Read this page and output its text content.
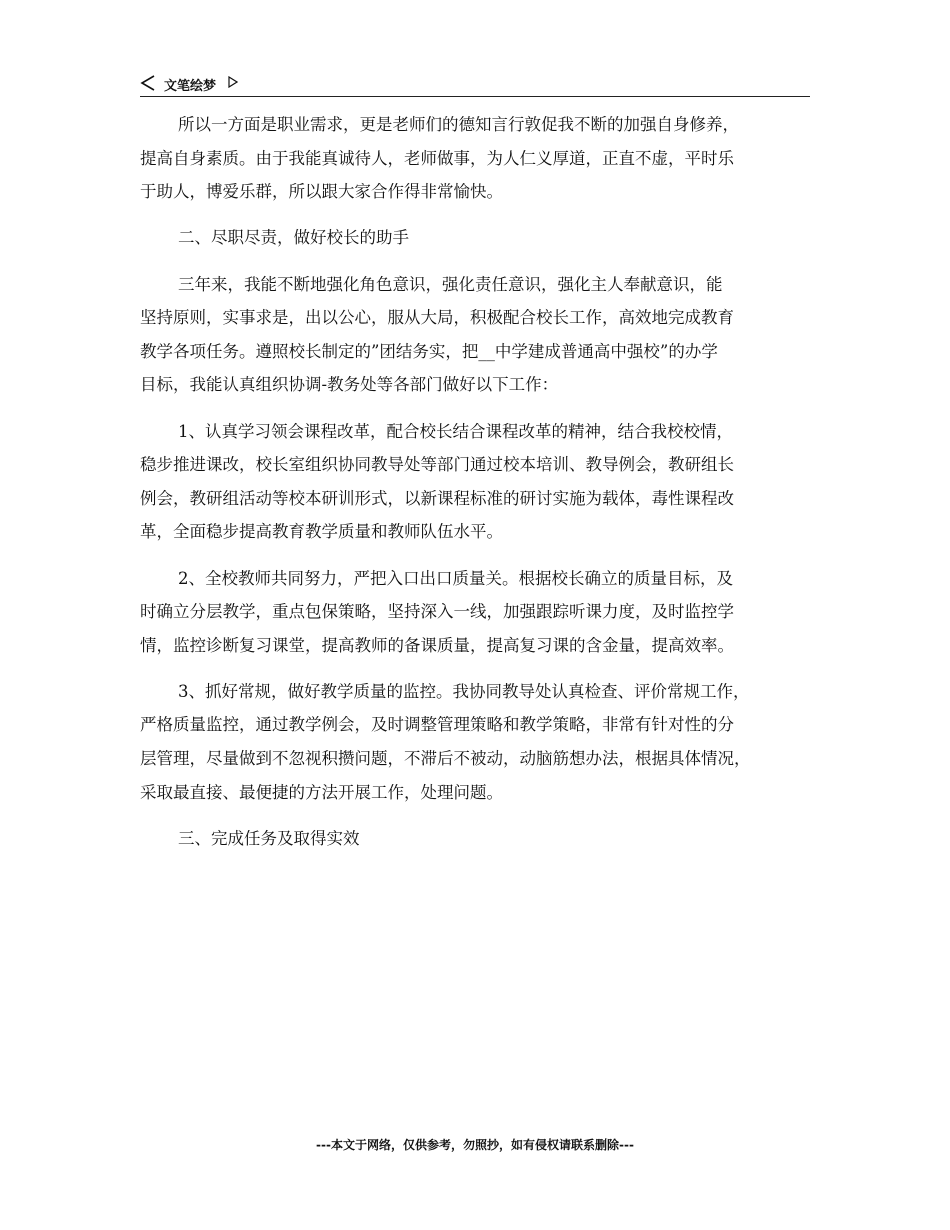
文笔绘梦

所以一方面是职业需求，更是老师们的德知言行敦促我不断的加强自身修养，
提高自身素质。由于我能真诚待人，老师做事，为人仁义厚道，正直不虚，平时乐
于助人，博爱乐群，所以跟大家合作得非常愉快。

二、尽职尽责，做好校长的助手

三年来，我能不断地强化角色意识，强化责任意识，强化主人奉献意识，能
坚持原则，实事求是，出以公心，服从大局，积极配合校长工作，高效地完成教育
教学各项任务。遵照校长制定的”团结务实，把__中学建成普通高中强校”的办学
目标，我能认真组织协调-教务处等各部门做好以下工作：

1、认真学习领会课程改革，配合校长结合课程改革的精神，结合我校校情，
稳步推进课改，校长室组织协同教导处等部门通过校本培训、教导例会，教研组长
例会，教研组活动等校本研训形式，以新课程标准的研讨实施为载体，毒性课程改
革，全面稳步提高教育教学质量和教师队伍水平。

2、全校教师共同努力，严把入口出口质量关。根据校长确立的质量目标，及
时确立分层教学，重点包保策略，坚持深入一线，加强跟踪听课力度，及时监控学
情，监控诊断复习课堂，提高教师的备课质量，提高复习课的含金量，提高效率。

3、抓好常规，做好教学质量的监控。我协同教导处认真检查、评价常规工作，
严格质量监控，通过教学例会，及时调整管理策略和教学策略，非常有针对性的分
层管理，尽量做到不忽视积攒问题，不滞后不被动，动脑筋想办法，根据具体情况，
采取最直接、最便捷的方法开展工作，处理问题。

三、完成任务及取得实效

---本文于网络，仅供参考，勿照抄，如有侵权请联系删除---
